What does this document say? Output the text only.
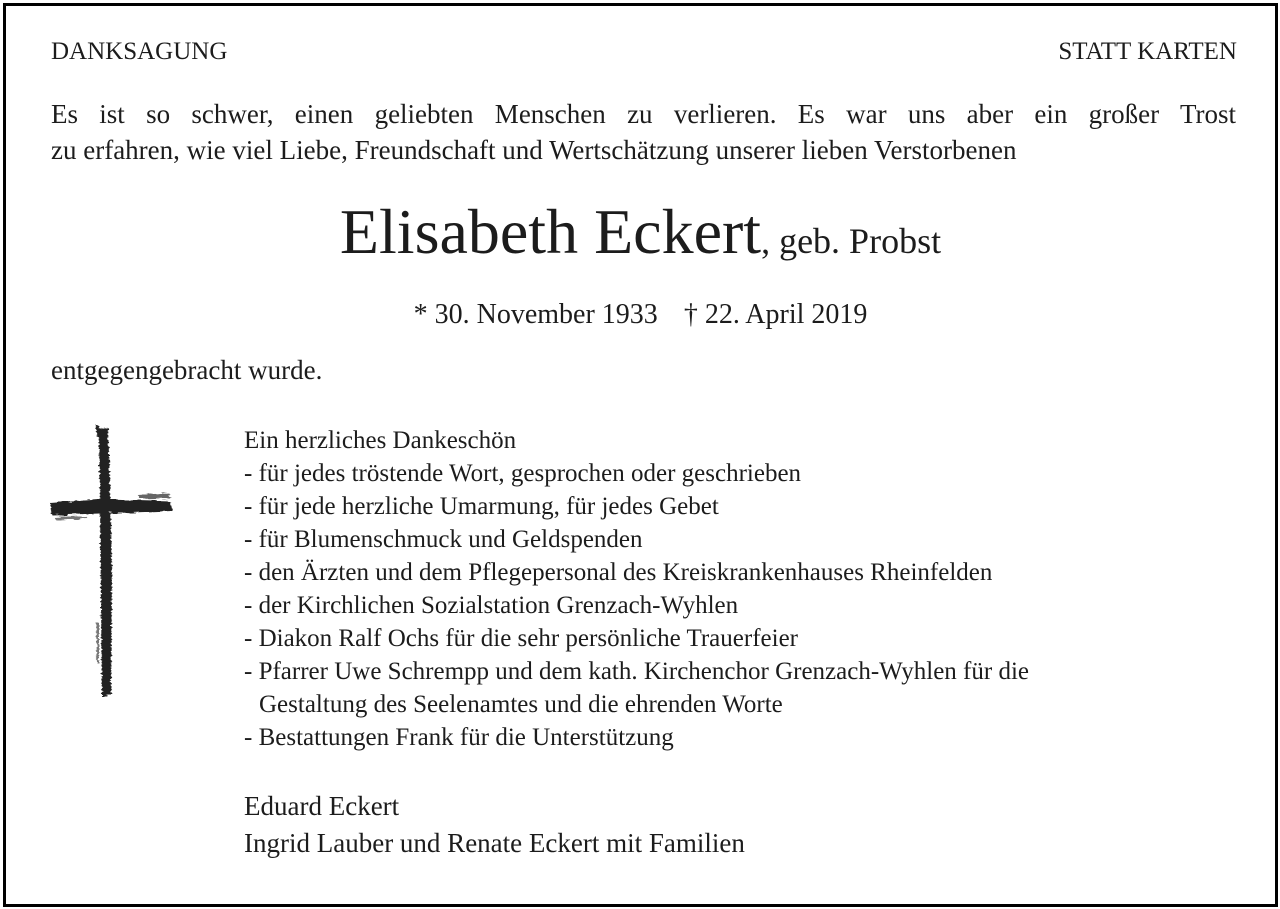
DANKSAGUNG	STATT KARTEN
Es ist so schwer, einen geliebten Menschen zu verlieren. Es war uns aber ein großer Trost
zu erfahren, wie viel Liebe, Freundschaft und Wertschätzung unserer lieben Verstorbenen
Elisabeth Eckert, geb. Probst
* 30. November 1933 † 22. April 2019
entgegengebracht wurde.
Ein herzliches Dankeschön
- für jedes tröstende Wort, gesprochen oder geschrieben
- für jede herzliche Umarmung, für jedes Gebet
- für Blumenschmuck und Geldspenden
- den Ärzten und dem Pflegepersonal des Kreiskrankenhauses Rheinfelden
- der Kirchlichen Sozialstation Grenzach-Wyhlen
- Diakon Ralf Ochs für die sehr persönliche Trauerfeier
- Pfarrer Uwe Schrempp und dem kath. Kirchenchor Grenzach-Wyhlen für die
Gestaltung des Seelenamtes und die ehrenden Worte
- Bestattungen Frank für die Unterstützung
Eduard Eckert
Ingrid Lauber und Renate Eckert mit Familien
